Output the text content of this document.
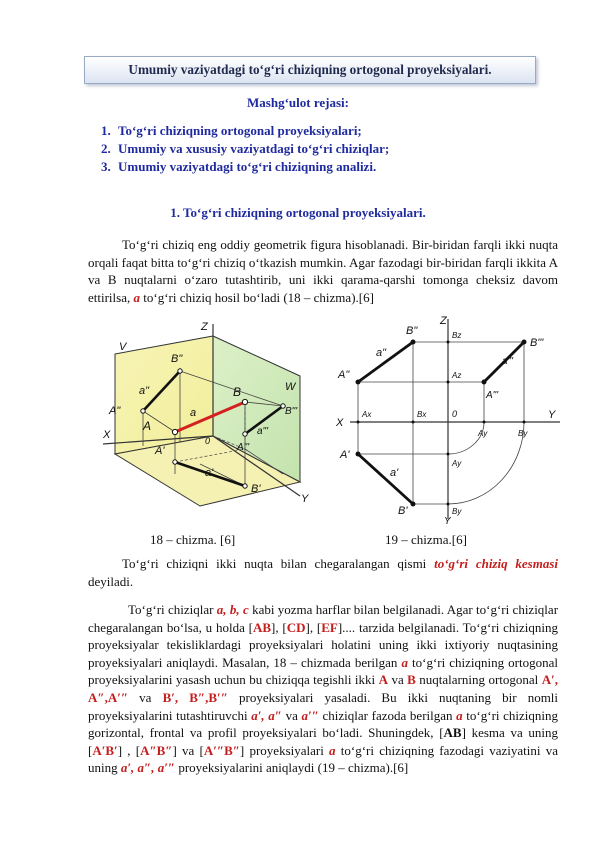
Umumiy vaziyatdagi to‘g‘ri chiziqning ortogonal proyeksiyalari.
Mashg‘ulot rejasi:
1. To‘g‘ri chiziqning ortogonal proyeksiyalari;
2. Umumiy va xususiy vaziyatdagi to‘g‘ri chiziqlar;
3. Umumiy vaziyatdagi to‘g‘ri chiziqning analizi.
1. To‘g‘ri chiziqning ortogonal proyeksiyalari.
To‘g‘ri chiziq eng oddiy geometrik figura hisoblanadi. Bir-biridan farqli ikki nuqta orqali faqat bitta to‘g‘ri chiziq o‘tkazish mumkin. Agar fazodagi bir-biridan farqli ikkita A va B nuqtalarni o‘zaro tutashtirib, uni ikki qarama-qarshi tomonga cheksiz davom ettirilsa, a to‘g‘ri chiziq hosil bo‘ladi (18 – chizma).[6]
Z
V
W
X
Y
0
B"
A"
a"
A
a
B
B"'
a"'
A"'
A'
a'
B'
Z
B"	Bz
B"'
a"
A"	Az
a"'
A"'
X
Ax	Bx	0	Y
Ay	By
A'
Ay
a'
B'	By
Y
18 – chizma. [6]	19 – chizma.[6]
To‘g‘ri chiziqni ikki nuqta bilan chegaralangan qismi to‘g‘ri chiziq kesmasi deyiladi.
To‘g‘ri chiziqlar a, b, c kabi yozma harflar bilan belgilanadi. Agar to‘g‘ri chiziqlar chegaralangan bo‘lsa, u holda [AB], [CD], [EF].... tarzida belgilanadi. To‘g‘ri chiziqning proyeksiyalar tekisliklardagi proyeksiyalari holatini uning ikki ixtiyoriy nuqtasining proyeksiyalari aniqlaydi. Masalan, 18 – chizmada berilgan a to‘g‘ri chiziqning ortogonal proyeksiyalarini yasash uchun bu chiziqqa tegishli ikki A va B nuqtalarning ortogonal A′, A″,A′″ va B′, B″,B′″ proyeksiyalari yasaladi. Bu ikki nuqtaning bir nomli proyeksiyalarini tutashtiruvchi a′, a″ va a′″ chiziqlar fazoda berilgan a to‘g‘ri chiziqning gorizontal, frontal va profil proyeksiyalari bo‘ladi. Shuningdek, [AB] kesma va uning [A′B′] , [A″B″] va [A′″B″] proyeksiyalari a to‘g‘ri chiziqning fazodagi vaziyatini va uning a′, a″, a′″ proyeksiyalarini aniqlaydi (19 – chizma).[6]
